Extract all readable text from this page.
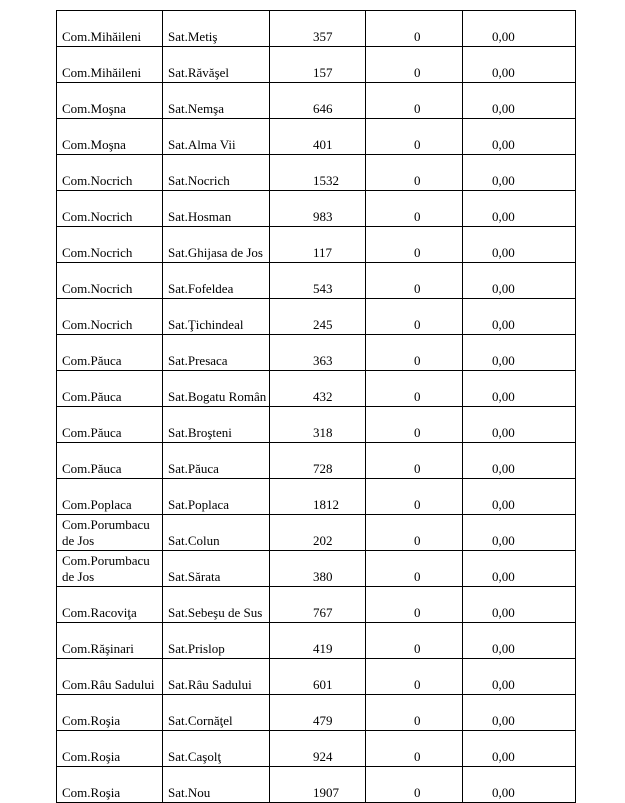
Com.Mihăileni	Sat.Metiş	357	0	0,00
Com.Mihăileni	Sat.Răvăşel	157	0	0,00
Com.Moşna	Sat.Nemşa	646	0	0,00
Com.Moşna	Sat.Alma Vii	401	0	0,00
Com.Nocrich	Sat.Nocrich	1532	0	0,00
Com.Nocrich	Sat.Hosman	983	0	0,00
Com.Nocrich	Sat.Ghijasa de Jos	117	0	0,00
Com.Nocrich	Sat.Fofeldea	543	0	0,00
Com.Nocrich	Sat.Ţichindeal	245	0	0,00
Com.Păuca	Sat.Presaca	363	0	0,00
Com.Păuca	Sat.Bogatu Român	432	0	0,00
Com.Păuca	Sat.Broşteni	318	0	0,00
Com.Păuca	Sat.Păuca	728	0	0,00
Com.Poplaca	Sat.Poplaca	1812	0	0,00
Com.Porumbacu de Jos	Sat.Colun	202	0	0,00
Com.Porumbacu de Jos	Sat.Sărata	380	0	0,00
Com.Racoviţa	Sat.Sebeşu de Sus	767	0	0,00
Com.Răşinari	Sat.Prislop	419	0	0,00
Com.Râu Sadului	Sat.Râu Sadului	601	0	0,00
Com.Roşia	Sat.Cornăţel	479	0	0,00
Com.Roşia	Sat.Caşolţ	924	0	0,00
Com.Roşia	Sat.Nou	1907	0	0,00
